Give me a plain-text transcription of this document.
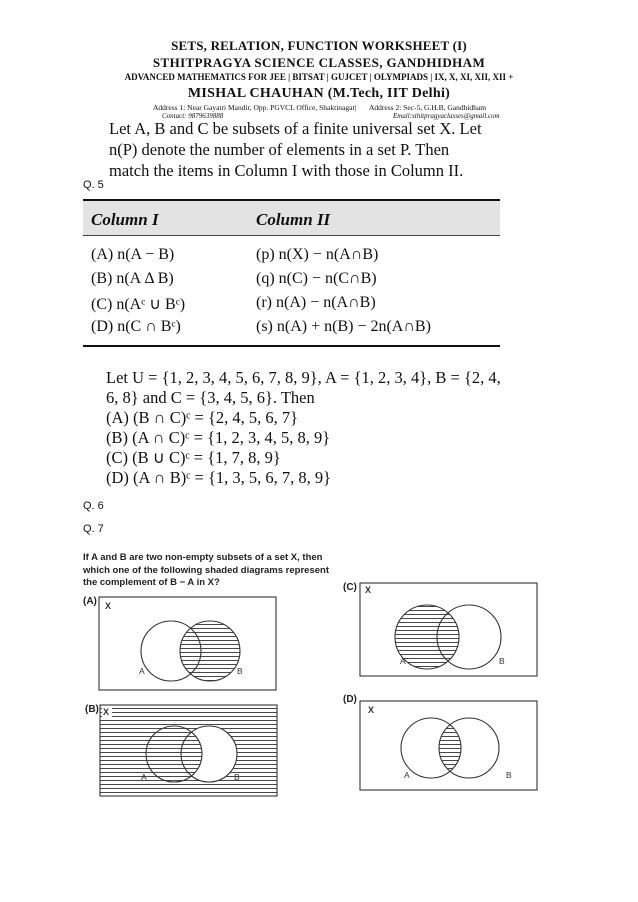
SETS, RELATION, FUNCTION WORKSHEET (I)
STHITPRAGYA SCIENCE CLASSES, GANDHIDHAM
ADVANCED MATHEMATICS FOR JEE | BITSAT | GUJCET | OLYMPIADS | IX, X, XI, XII, XII +
MISHAL CHAUHAN (M.Tech, IIT Delhi)
Address 1: Near Gayatri Mandir, Opp. PGVCL Office, Shaktinagar| Address 2: Sec-5, G.H.B, Gandhidham
Contact: 9879639888	Email:sthitpragyaclasses@gmail.com
Let A, B and C be subsets of a finite universal set X. Let
n(P) denote the number of elements in a set P. Then
match the items in Column I with those in Column II.
Q. 5
Column I	Column II
(A) n(A − B)	(p) n(X) − n(A∩B)
(B) n(A Δ B)	(q) n(C) − n(C∩B)
(C) n(Aᶜ ∪ Bᶜ)	(r) n(A) − n(A∩B)
(D) n(C ∩ Bᶜ)	(s) n(A) + n(B) − 2n(A∩B)
Let U = {1, 2, 3, 4, 5, 6, 7, 8, 9}, A = {1, 2, 3, 4}, B = {2, 4,
6, 8} and C = {3, 4, 5, 6}. Then
(A) (B ∩ C)ᶜ = {2, 4, 5, 6, 7}
(B) (A ∩ C)ᶜ = {1, 2, 3, 4, 5, 8, 9}
(C) (B ∪ C)ᶜ = {1, 7, 8, 9}
(D) (A ∩ B)ᶜ = {1, 3, 5, 6, 7, 8, 9}
Q. 6
Q. 7
If A and B are two non-empty subsets of a set X, then
which one of the following shaded diagrams represent
the complement of B − A in X?
(A)
(C)
(B)
(D)
X
A	B
X
A	B
X
A	B
X
A	B
